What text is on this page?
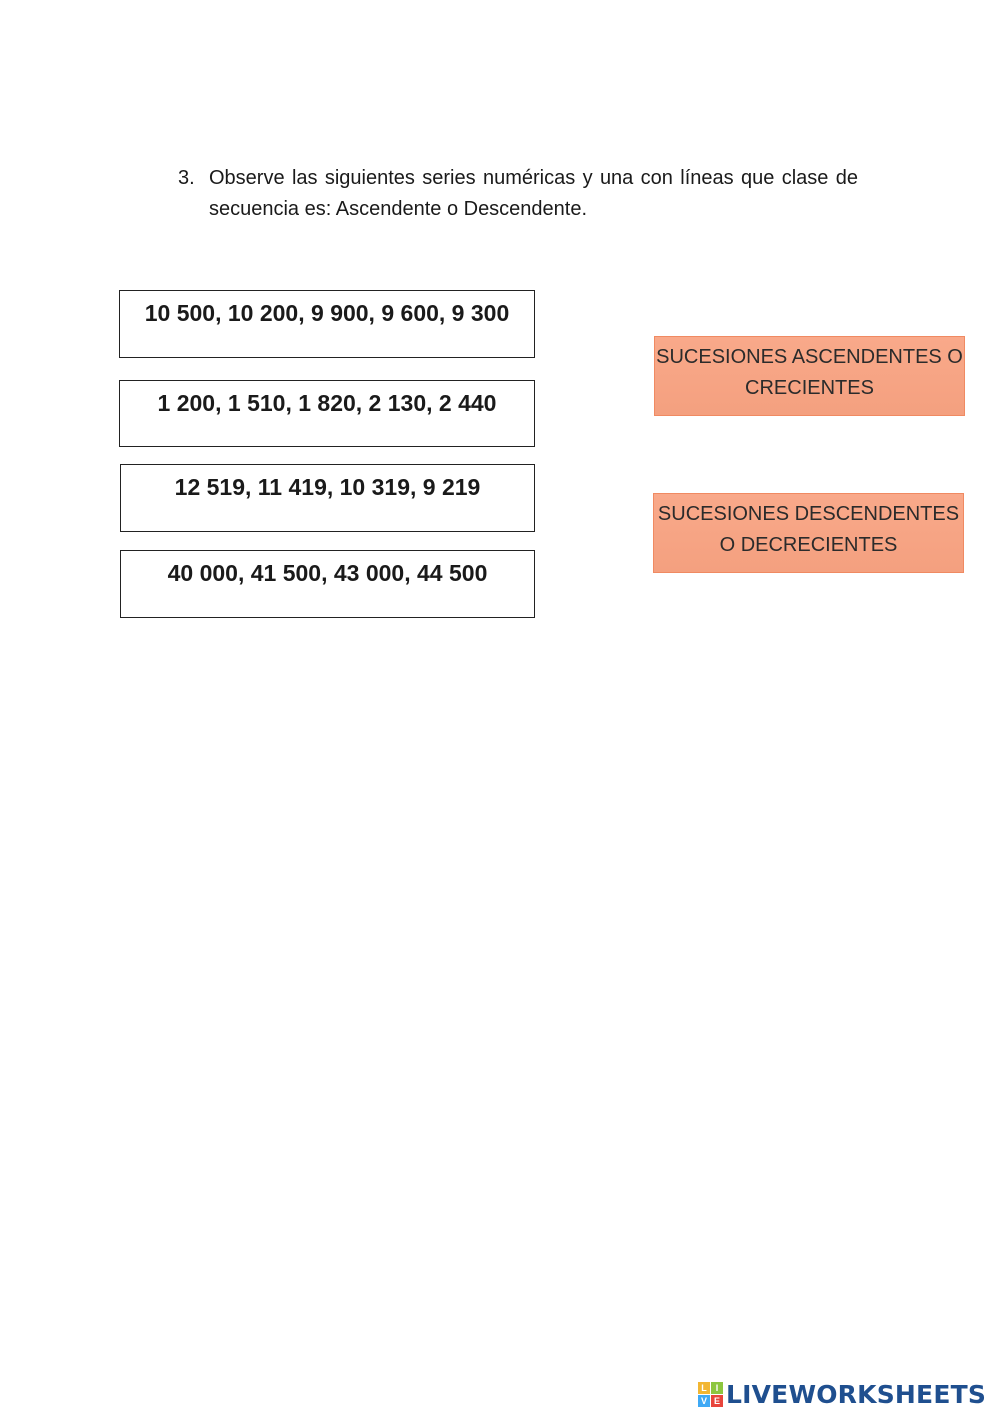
3. Observe las siguientes series numéricas y una con líneas que clase de secuencia es: Ascendente o Descendente.
10 500, 10 200, 9 900, 9 600, 9 300
1 200, 1 510, 1 820, 2 130, 2 440
12 519, 11 419, 10 319, 9 219
40 000, 41 500, 43 000, 44 500
SUCESIONES ASCENDENTES O
CRECIENTES
SUCESIONES DESCENDENTES
O DECRECIENTES
L I
V E LIVEWORKSHEETS
